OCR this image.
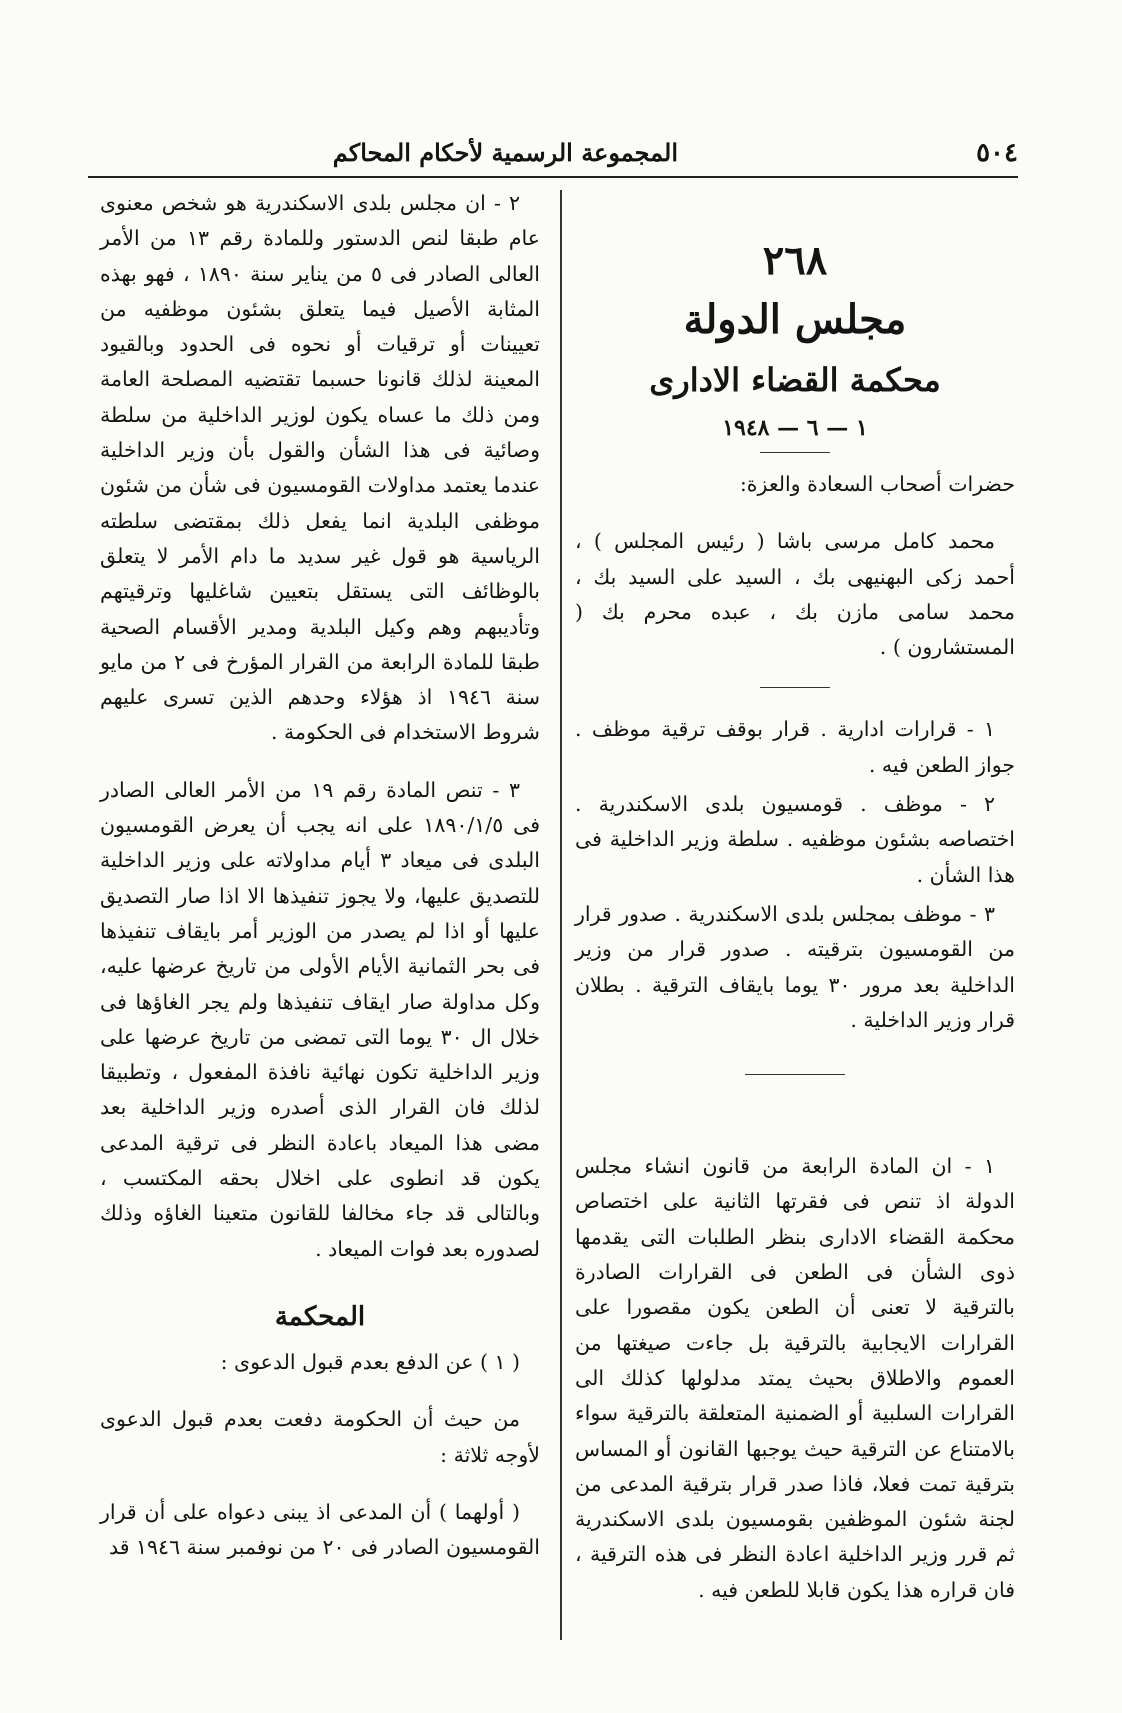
٥٠٤
المجموعة الرسمية لأحكام المحاكم
٢٦٨
مجلس الدولة
محكمة القضاء الادارى
١ — ٦ — ١٩٤٨

حضرات أصحاب السعادة والعزة:

محمد كامل مرسى باشا ( رئيس المجلس ) ، أحمد زكى البهنيهى بك ، السيد على السيد بك ، محمد سامى مازن بك ، عبده محرم بك ( المستشارون ) .

١ - قرارات ادارية . قرار بوقف ترقية موظف . جواز الطعن فيه .

٢ - موظف . قومسيون بلدى الاسكندرية . اختصاصه بشئون موظفيه . سلطة وزير الداخلية فى هذا الشأن .

٣ - موظف بمجلس بلدى الاسكندرية . صدور قرار من القومسيون بترقيته . صدور قرار من وزير الداخلية بعد مرور ٣٠ يوما بايقاف الترقية . بطلان قرار وزير الداخلية .

١ - ان المادة الرابعة من قانون انشاء مجلس الدولة اذ تنص فى فقرتها الثانية على اختصاص محكمة القضاء الادارى بنظر الطلبات التى يقدمها ذوى الشأن فى الطعن فى القرارات الصادرة بالترقية لا تعنى أن الطعن يكون مقصورا على القرارات الايجابية بالترقية بل جاءت صيغتها من العموم والاطلاق بحيث يمتد مدلولها كذلك الى القرارات السلبية أو الضمنية المتعلقة بالترقية سواء بالامتناع عن الترقية حيث يوجبها القانون أو المساس بترقية تمت فعلا، فاذا صدر قرار بترقية المدعى من لجنة شئون الموظفين بقومسيون بلدى الاسكندرية ثم قرر وزير الداخلية اعادة النظر فى هذه الترقية ، فان قراره هذا يكون قابلا للطعن فيه .

٢ - ان مجلس بلدى الاسكندرية هو شخص معنوى عام طبقا لنص الدستور وللمادة رقم ١٣ من الأمر العالى الصادر فى ٥ من يناير سنة ١٨٩٠ ، فهو بهذه المثابة الأصيل فيما يتعلق بشئون موظفيه من تعيينات أو ترقيات أو نحوه فى الحدود وبالقيود المعينة لذلك قانونا حسبما تقتضيه المصلحة العامة ومن ذلك ما عساه يكون لوزير الداخلية من سلطة وصائية فى هذا الشأن والقول بأن وزير الداخلية عندما يعتمد مداولات القومسيون فى شأن من شئون موظفى البلدية انما يفعل ذلك بمقتضى سلطته الرياسية هو قول غير سديد ما دام الأمر لا يتعلق بالوظائف التى يستقل بتعيين شاغليها وترقيتهم وتأديبهم وهم وكيل البلدية ومدير الأقسام الصحية طبقا للمادة الرابعة من القرار المؤرخ فى ٢ من مايو سنة ١٩٤٦ اذ هؤلاء وحدهم الذين تسرى عليهم شروط الاستخدام فى الحكومة .

٣ - تنص المادة رقم ١٩ من الأمر العالى الصادر فى ١٨٩٠/١/٥ على انه يجب أن يعرض القومسيون البلدى فى ميعاد ٣ أيام مداولاته على وزير الداخلية للتصديق عليها، ولا يجوز تنفيذها الا اذا صار التصديق عليها أو اذا لم يصدر من الوزير أمر بايقاف تنفيذها فى بحر الثمانية الأيام الأولى من تاريخ عرضها عليه، وكل مداولة صار ايقاف تنفيذها ولم يجر الغاؤها فى خلال ال ٣٠ يوما التى تمضى من تاريخ عرضها على وزير الداخلية تكون نهائية نافذة المفعول ، وتطبيقا لذلك فان القرار الذى أصدره وزير الداخلية بعد مضى هذا الميعاد باعادة النظر فى ترقية المدعى يكون قد انطوى على اخلال بحقه المكتسب ، وبالتالى قد جاء مخالفا للقانون متعينا الغاؤه وذلك لصدوره بعد فوات الميعاد .

المحكمة

( ١ ) عن الدفع بعدم قبول الدعوى :

من حيث أن الحكومة دفعت بعدم قبول الدعوى لأوجه ثلاثة :

( أولهما ) أن المدعى اذ يبنى دعواه على أن قرار القومسيون الصادر فى ٢٠ من نوفمبر سنة ١٩٤٦ قد
